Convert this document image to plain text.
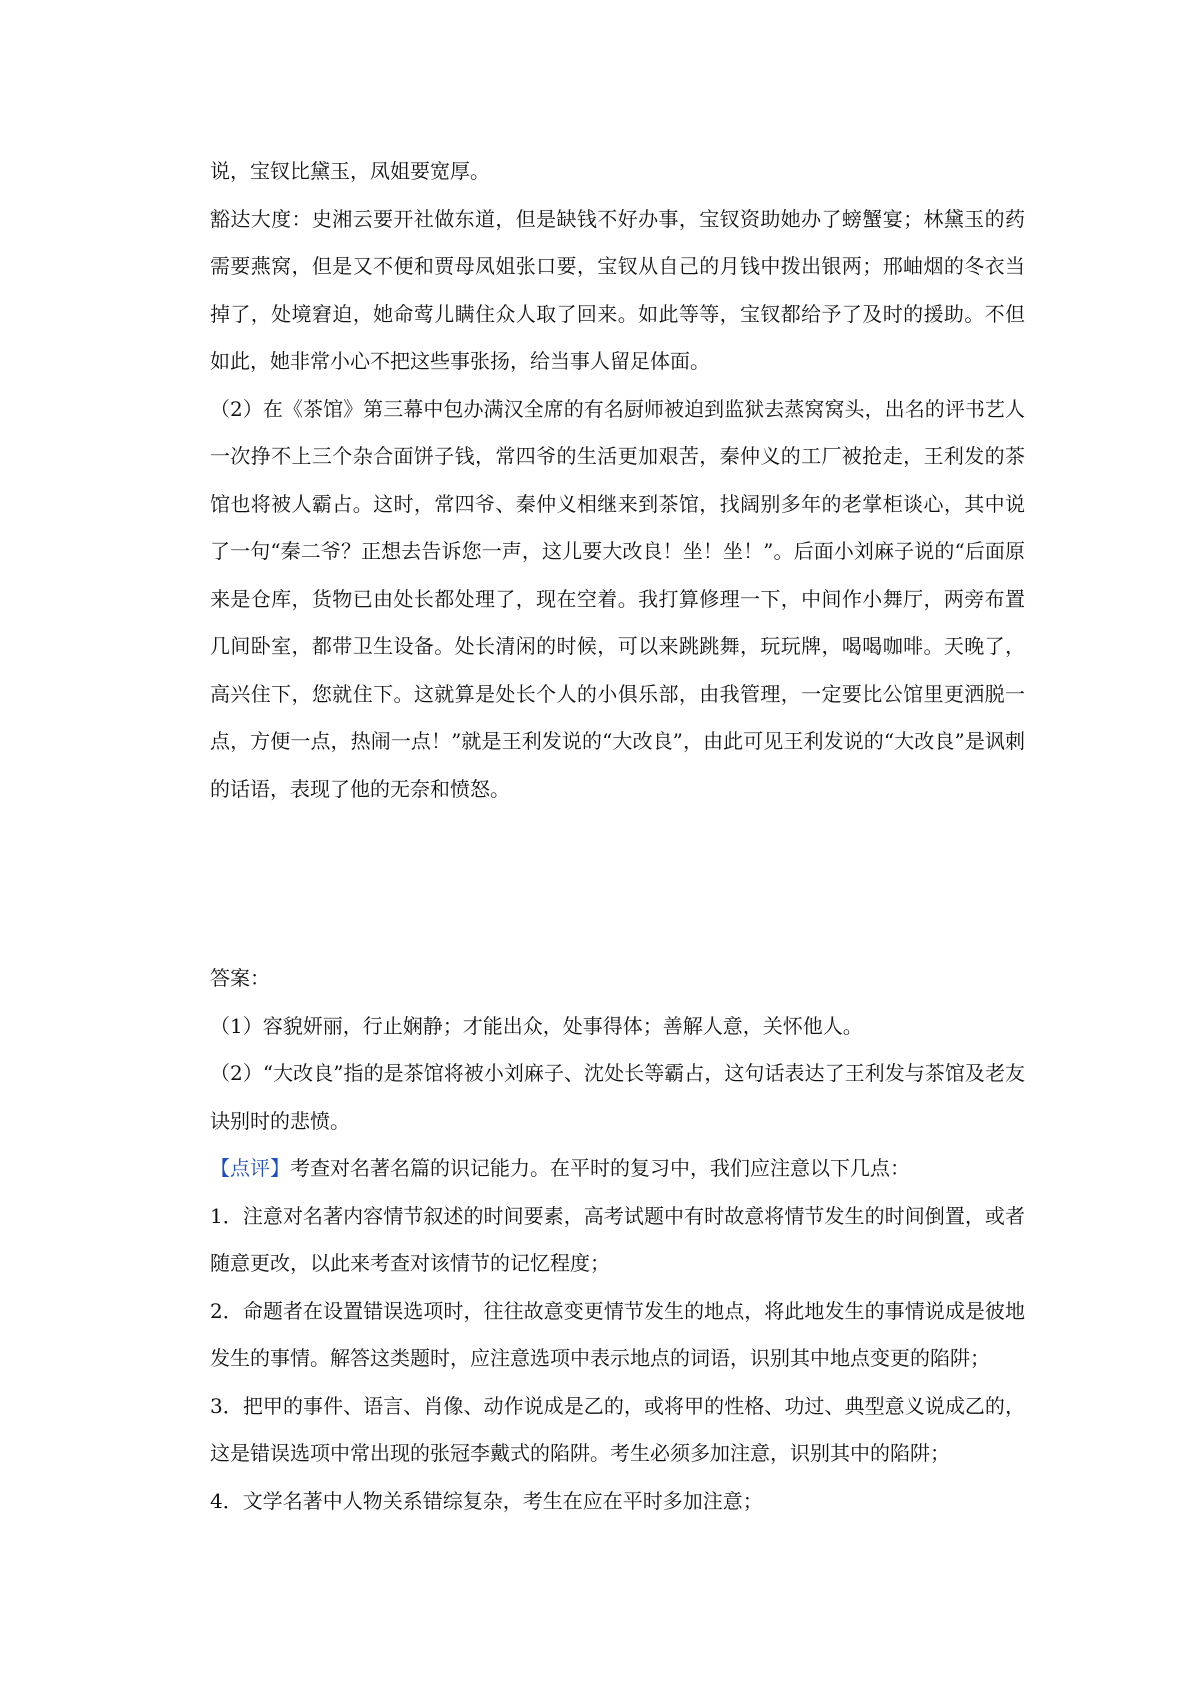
说，宝钗比黛玉，凤姐要宽厚。

豁达大度：史湘云要开社做东道，但是缺钱不好办事，宝钗资助她办了螃蟹宴；林黛玉的药需要燕窝，但是又不便和贾母凤姐张口要，宝钗从自己的月钱中拨出银两；邢岫烟的冬衣当掉了，处境窘迫，她命莺儿瞒住众人取了回来。如此等等，宝钗都给予了及时的援助。不但如此，她非常小心不把这些事张扬，给当事人留足体面。

（2）在《茶馆》第三幕中包办满汉全席的有名厨师被迫到监狱去蒸窝窝头，出名的评书艺人一次挣不上三个杂合面饼子钱，常四爷的生活更加艰苦，秦仲义的工厂被抢走，王利发的茶馆也将被人霸占。这时，常四爷、秦仲义相继来到茶馆，找阔别多年的老掌柜谈心，其中说了一句“秦二爷？正想去告诉您一声，这儿要大改良！坐！坐！”。后面小刘麻子说的“后面原来是仓库，货物已由处长都处理了，现在空着。我打算修理一下，中间作小舞厅，两旁布置几间卧室，都带卫生设备。处长清闲的时候，可以来跳跳舞，玩玩牌，喝喝咖啡。天晚了，高兴住下，您就住下。这就算是处长个人的小俱乐部，由我管理，一定要比公馆里更洒脱一点，方便一点，热闹一点！”就是王利发说的“大改良”，由此可见王利发说的“大改良”是讽刺的话语，表现了他的无奈和愤怒。

答案：

（1）容貌妍丽，行止娴静；才能出众，处事得体；善解人意，关怀他人。

（2）“大改良”指的是茶馆将被小刘麻子、沈处长等霸占，这句话表达了王利发与茶馆及老友诀别时的悲愤。

【点评】考查对名著名篇的识记能力。在平时的复习中，我们应注意以下几点：

1．注意对名著内容情节叙述的时间要素，高考试题中有时故意将情节发生的时间倒置，或者随意更改，以此来考查对该情节的记忆程度；

2．命题者在设置错误选项时，往往故意变更情节发生的地点，将此地发生的事情说成是彼地发生的事情。解答这类题时，应注意选项中表示地点的词语，识别其中地点变更的陷阱；

3．把甲的事件、语言、肖像、动作说成是乙的，或将甲的性格、功过、典型意义说成乙的，这是错误选项中常出现的张冠李戴式的陷阱。考生必须多加注意，识别其中的陷阱；

4．文学名著中人物关系错综复杂，考生在应在平时多加注意；
